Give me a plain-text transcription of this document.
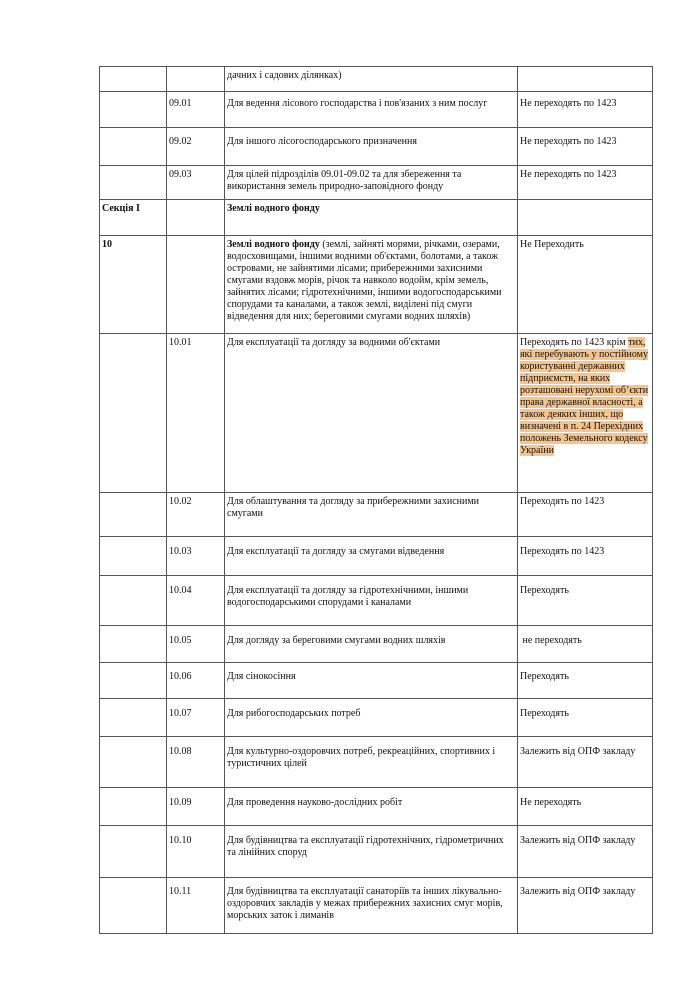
		дачних і садових ділянках)	
	09.01	Для ведення лісового господарства і пов'язаних з ним послуг	Не переходять по 1423
	09.02	Для іншого лісогосподарського призначення	Не переходять по 1423
	09.03	Для цілей підрозділів 09.01-09.02 та для збереження та використання земель природно-заповідного фонду	Не переходять по 1423
Секція І		Землі водного фонду	
10		Землі водного фонду (землі, зайняті морями, річками, озерами, водосховищами, іншими водними об'єктами, болотами, а також островами, не зайнятими лісами; прибережними захисними смугами вздовж морів, річок та навколо водойм, крім земель, зайнятих лісами; гідротехнічними, іншими водогосподарськими спорудами та каналами, а також землі, виділені під смуги відведення для них; береговими смугами водних шляхів)	Не Переходить
	10.01	Для експлуатації та догляду за водними об'єктами	Переходять по 1423 крім тих, які перебувають у постійному користуванні державних підприємств, на яких розташовані нерухомі об’єкти права державної власності, а також деяких інших, що визначені в п. 24 Перехідних положень Земельного кодексу України
	10.02	Для облаштування та догляду за прибережними захисними смугами	Переходять по 1423
	10.03	Для експлуатації та догляду за смугами відведення	Переходять по 1423
	10.04	Для експлуатації та догляду за гідротехнічними, іншими водогосподарськими спорудами і каналами	Переходять
	10.05	Для догляду за береговими смугами водних шляхів	не переходять
	10.06	Для сінокосіння	Переходять
	10.07	Для рибогосподарських потреб	Переходять
	10.08	Для культурно-оздоровчих потреб, рекреаційних, спортивних і туристичних цілей	Залежить від ОПФ закладу
	10.09	Для проведення науково-дослідних робіт	Не переходять
	10.10	Для будівництва та експлуатації гідротехнічних, гідрометричних та лінійних споруд	Залежить від ОПФ закладу
	10.11	Для будівництва та експлуатації санаторіїв та інших лікувально-оздоровчих закладів у межах прибережних захисних смуг морів, морських заток і лиманів	Залежить від ОПФ закладу
